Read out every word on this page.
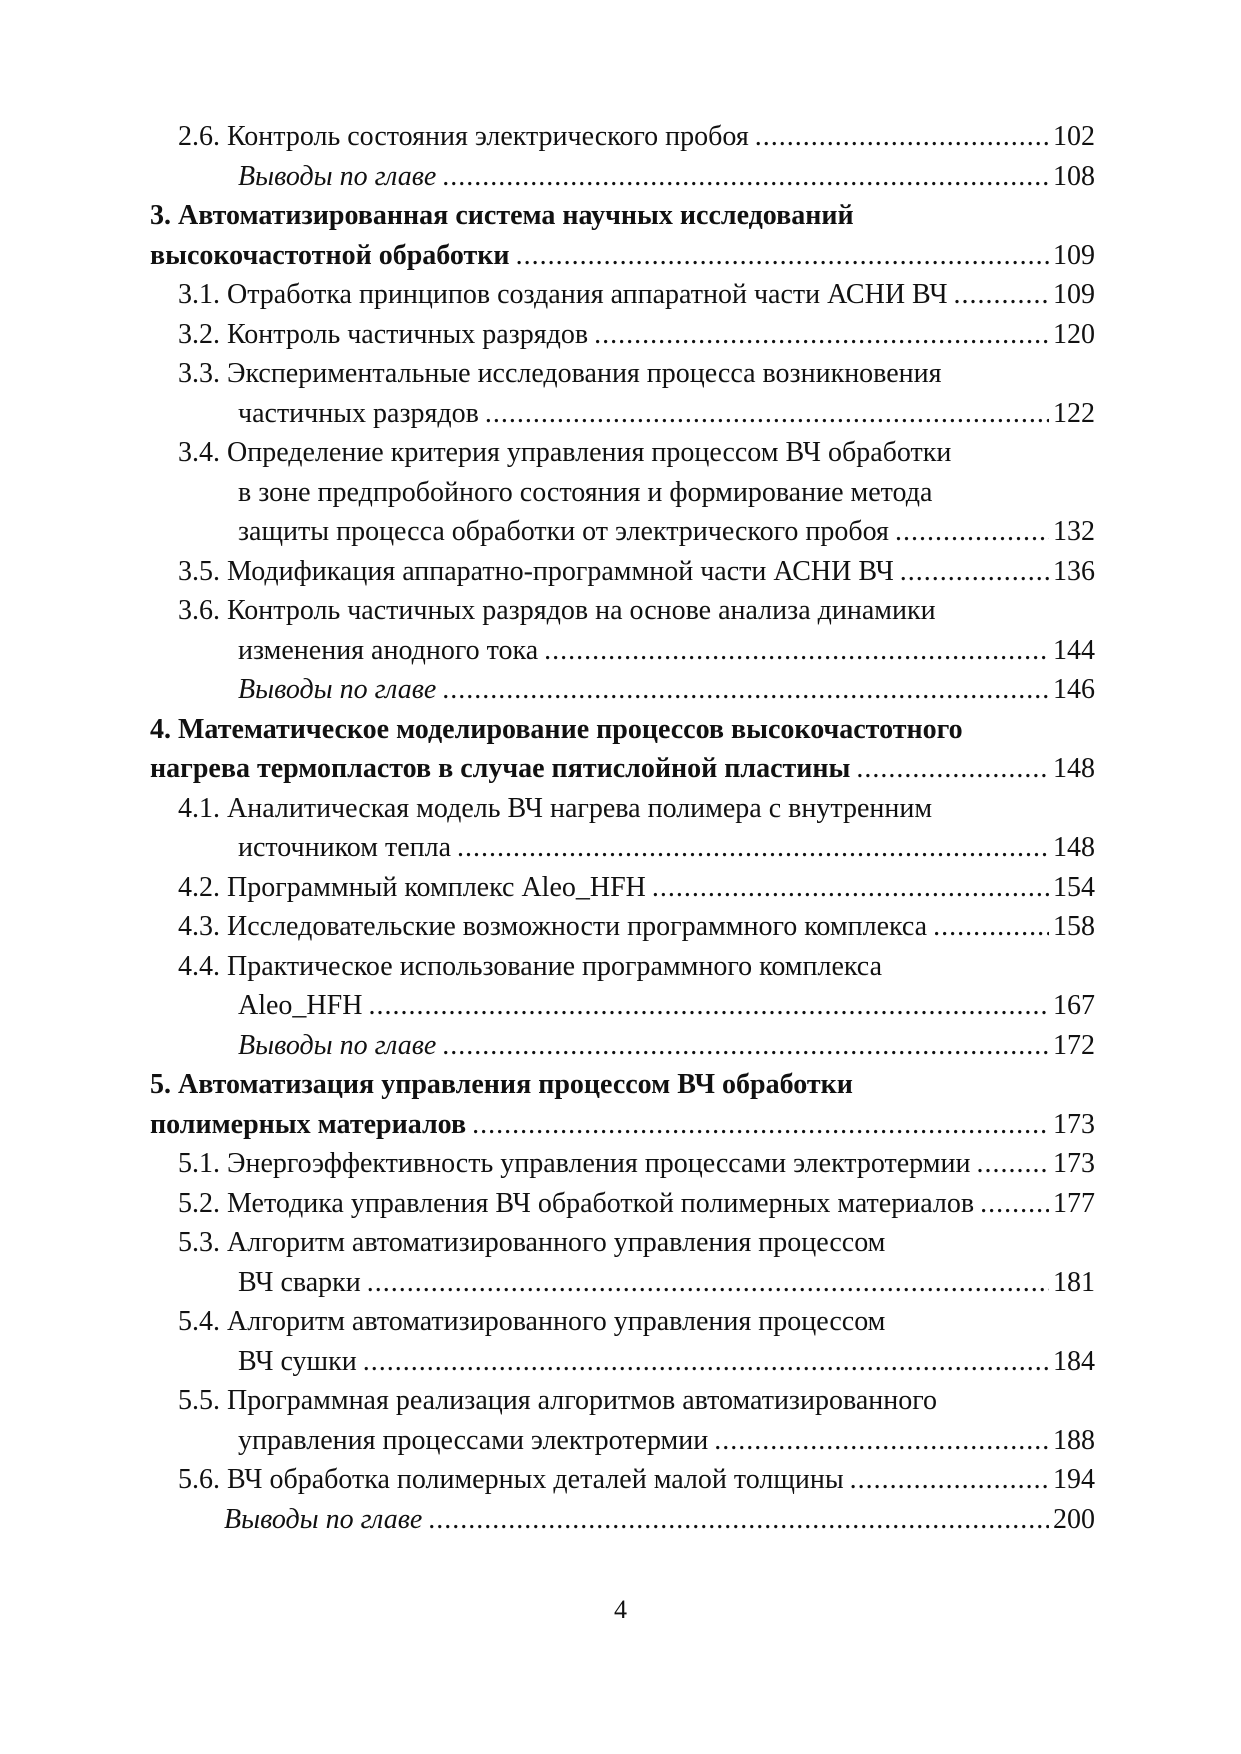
2.6. Контроль состояния электрического пробоя .....	102
Выводы по главе .....	108
3. Автоматизированная система научных исследований
высокочастотной обработки .....	109
3.1. Отработка принципов создания аппаратной части АСНИ ВЧ .....	109
3.2. Контроль частичных разрядов .....	120
3.3. Экспериментальные исследования процесса возникновения
частичных разрядов .....	122
3.4. Определение критерия управления процессом ВЧ обработки
в зоне предпробойного состояния и формирование метода
защиты процесса обработки от электрического пробоя .....	132
3.5. Модификация аппаратно-программной части АСНИ ВЧ .....	136
3.6. Контроль частичных разрядов на основе анализа динамики
изменения анодного тока .....	144
Выводы по главе .....	146
4. Математическое моделирование процессов высокочастотного
нагрева термопластов в случае пятислойной пластины .....	148
4.1. Аналитическая модель ВЧ нагрева полимера с внутренним
источником тепла .....	148
4.2. Программный комплекс Aleo_HFH .....	154
4.3. Исследовательские возможности программного комплекса .....	158
4.4. Практическое использование программного комплекса
Aleo_HFH .....	167
Выводы по главе .....	172
5. Автоматизация управления процессом ВЧ обработки
полимерных материалов .....	173
5.1. Энергоэффективность управления процессами электротермии .....	173
5.2. Методика управления ВЧ обработкой полимерных материалов .....	177
5.3. Алгоритм автоматизированного управления процессом
ВЧ сварки .....	181
5.4. Алгоритм автоматизированного управления процессом
ВЧ сушки .....	184
5.5. Программная реализация алгоритмов автоматизированного
управления процессами электротермии .....	188
5.6. ВЧ обработка полимерных деталей малой толщины .....	194
Выводы по главе .....	200
4
